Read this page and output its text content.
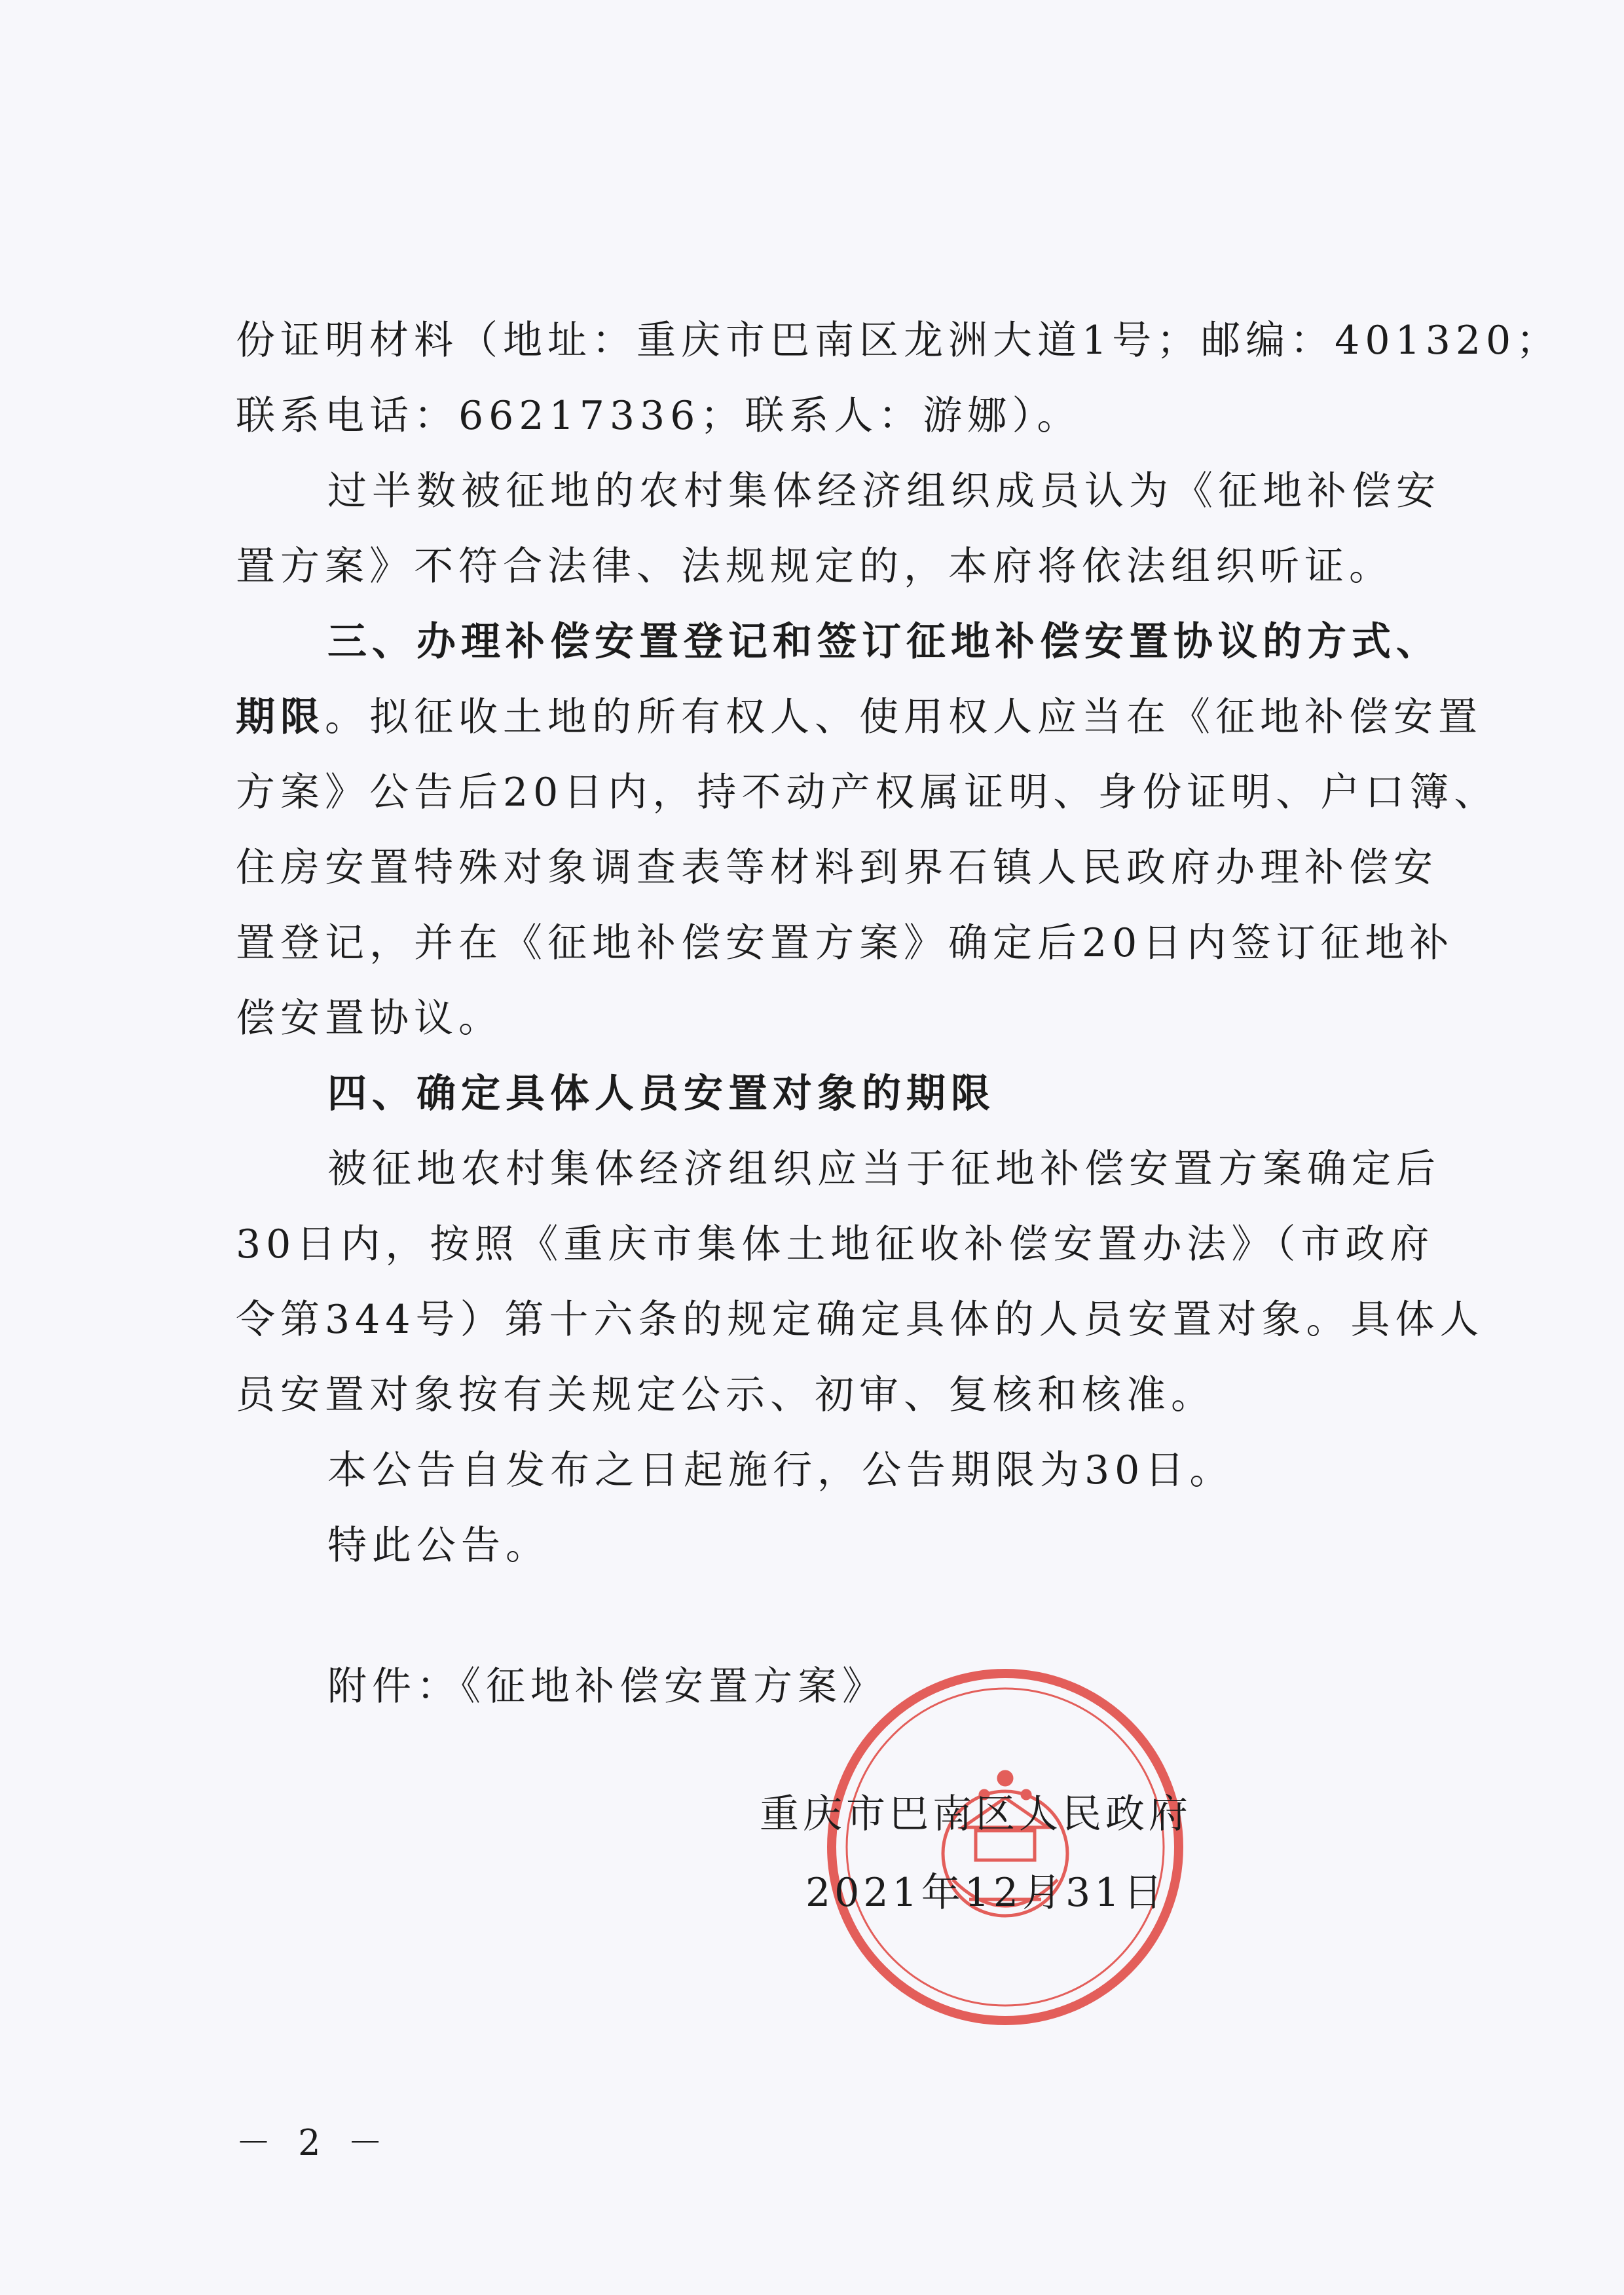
份证明材料（地址：重庆市巴南区龙洲大道1号；邮编：401320；
联系电话：66217336；联系人：游娜）。
过半数被征地的农村集体经济组织成员认为《征地补偿安
置方案》不符合法律、法规规定的，本府将依法组织听证。
三、办理补偿安置登记和签订征地补偿安置协议的方式、
期限。拟征收土地的所有权人、使用权人应当在《征地补偿安置
方案》公告后20日内，持不动产权属证明、身份证明、户口簿、
住房安置特殊对象调查表等材料到界石镇人民政府办理补偿安
置登记，并在《征地补偿安置方案》确定后20日内签订征地补
偿安置协议。
四、确定具体人员安置对象的期限
被征地农村集体经济组织应当于征地补偿安置方案确定后
30日内，按照《重庆市集体土地征收补偿安置办法》（市政府
令第344号）第十六条的规定确定具体的人员安置对象。具体人
员安置对象按有关规定公示、初审、复核和核准。
本公告自发布之日起施行，公告期限为30日。
特此公告。
附件：《征地补偿安置方案》
重庆市巴南区人民政府
2021年12月31日
－ 2 －
